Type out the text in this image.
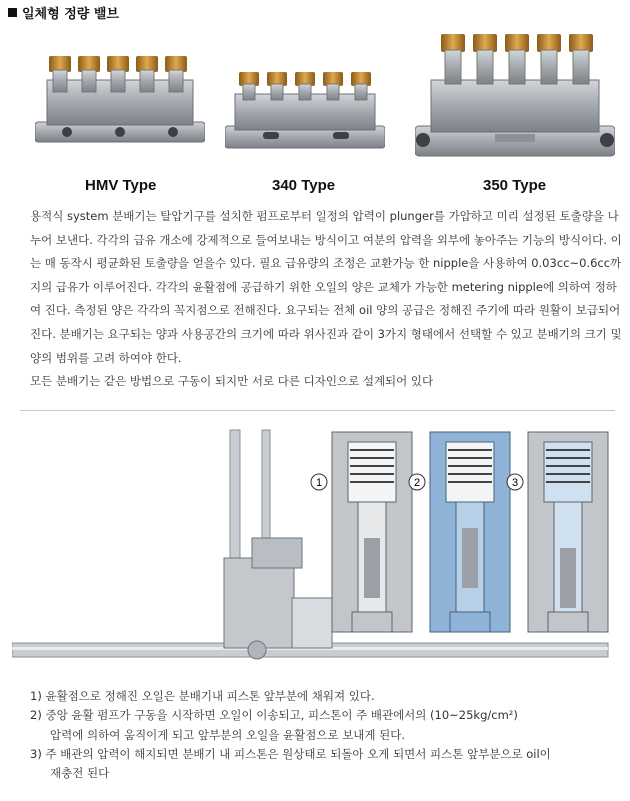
일체형 정량 밸브
HMV Type	340 Type	350 Type

용적식 system 분배기는 탈압기구를 설치한 펌프로부터 일정의 압력이 plunger를 가압하고 미리 설정된 토출량을 나누어 보낸다. 각각의 급유 개소에 강제적으로 들여보내는 방식이고 여분의 압력을 외부에 놓아주는 기능의 방식이다. 이는 매 동작시 평균화된 토출량을 얻을수 있다. 필요 급유량의 조정은 교환가능 한 nipple을 사용하여 0.03cc~0.6cc까지의 급유가 이루어진다. 각각의 윤활점에 공급하기 위한 오일의 양은 교체가 가능한 metering nipple에 의하여 정하여 진다. 측정된 양은 각각의 꼭지점으로 전해진다. 요구되는 전체 oil 양의 공급은 정해진 주기에 따라 원활이 보급되어 진다. 분배기는 요구되는 양과 사용공간의 크기에 따라 위사진과 같이 3가지 형태에서 선택할 수 있고 분배기의 크기 및 양의 범위를 고려 하여야 한다.

모든 분배기는 같은 방법으로 구동이 되지만 서로 다른 디자인으로 설계되어 있다

1	2	3

1) 윤활점으로 정해진 오일은 분배기내 피스톤 앞부분에 채워져 있다.

2) 중앙 윤활 펌프가 구동을 시작하면 오일이 이송되고, 피스톤이 주 배관에서의 (10~25kg/cm²)

압력에 의하여 움직이게 되고 앞부분의 오일을 윤활점으로 보내게 된다.

3) 주 배관의 압력이 해지되면 분배기 내 피스톤은 원상태로 되돌아 오게 되면서 피스톤 앞부분으로 oil이

재충전 된다
